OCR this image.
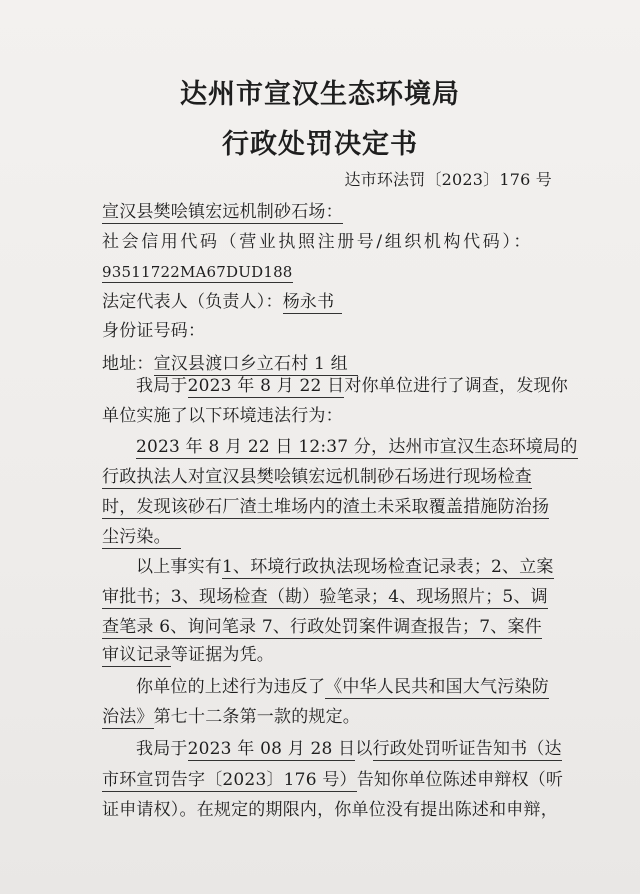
达州市宣汉生态环境局
行政处罚决定书
达市环法罚〔2023〕176 号
宣汉县樊哙镇宏远机制砂石场：
社会信用代码（营业执照注册号/组织机构代码）：
93511722MA67DUD188
法定代表人（负责人）：杨永书
身份证号码：
地址：宣汉县渡口乡立石村 1 组
我局于2023 年 8 月 22 日对你单位进行了调查，发现你
单位实施了以下环境违法行为：
2023 年 8 月 22 日 12:37 分，达州市宣汉生态环境局的
行政执法人对宣汉县樊哙镇宏远机制砂石场进行现场检查
时，发现该砂石厂渣土堆场内的渣土未采取覆盖措施防治扬
尘污染。
以上事实有1、环境行政执法现场检查记录表；2、立案
审批书；3、现场检查（勘）验笔录；4、现场照片；5、调
查笔录 6、询问笔录 7、行政处罚案件调查报告；7、案件
审议记录等证据为凭。
你单位的上述行为违反了《中华人民共和国大气污染防
治法》第七十二条第一款的规定。
我局于2023 年 08 月 28 日以行政处罚听证告知书（达
市环宣罚告字〔2023〕176 号）告知你单位陈述申辩权（听
证申请权）。在规定的期限内，你单位没有提出陈述和申辩，
